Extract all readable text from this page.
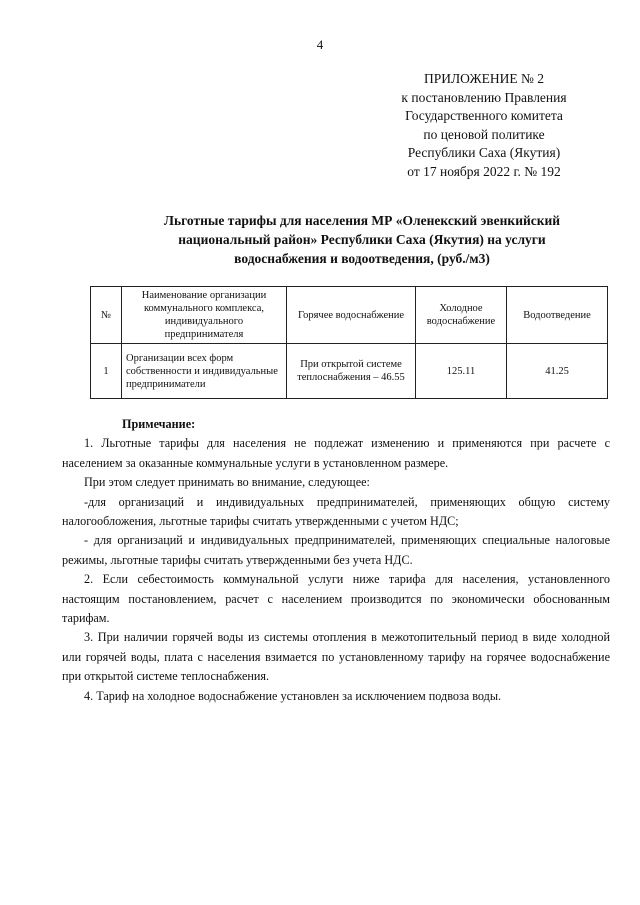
4
ПРИЛОЖЕНИЕ № 2
к постановлению Правления
Государственного комитета
по ценовой политике
Республики Саха (Якутия)
от 17 ноября 2022 г. № 192
Льготные тарифы для населения МР «Оленекский эвенкийский
национальный район» Республики Саха (Якутия) на услуги
водоснабжения и водоотведения, (руб./м3)
№	Наименование организации коммунального комплекса, индивидуального предпринимателя	Горячее водоснабжение	Холодное водоснабжение	Водоотведение
1	Организации всех форм собственности и индивидуальные предприниматели	При открытой системе теплоснабжения – 46.55	125.11	41.25

Примечание:

1. Льготные тарифы для населения не подлежат изменению и применяются при расчете с населением за оказанные коммунальные услуги в установленном размере.

При этом следует принимать во внимание, следующее:

-для организаций и индивидуальных предпринимателей, применяющих общую систему налогообложения, льготные тарифы считать утвержденными с учетом НДС;

- для организаций и индивидуальных предпринимателей, применяющих специальные налоговые режимы, льготные тарифы считать утвержденными без учета НДС.

2. Если себестоимость коммунальной услуги ниже тарифа для населения, установленного настоящим постановлением, расчет с населением производится по экономически обоснованным тарифам.

3. При наличии горячей воды из системы отопления в межотопительный период в виде холодной или горячей воды, плата с населения взимается по установленному тарифу на горячее водоснабжение при открытой системе теплоснабжения.

4. Тариф на холодное водоснабжение установлен за исключением подвоза воды.
